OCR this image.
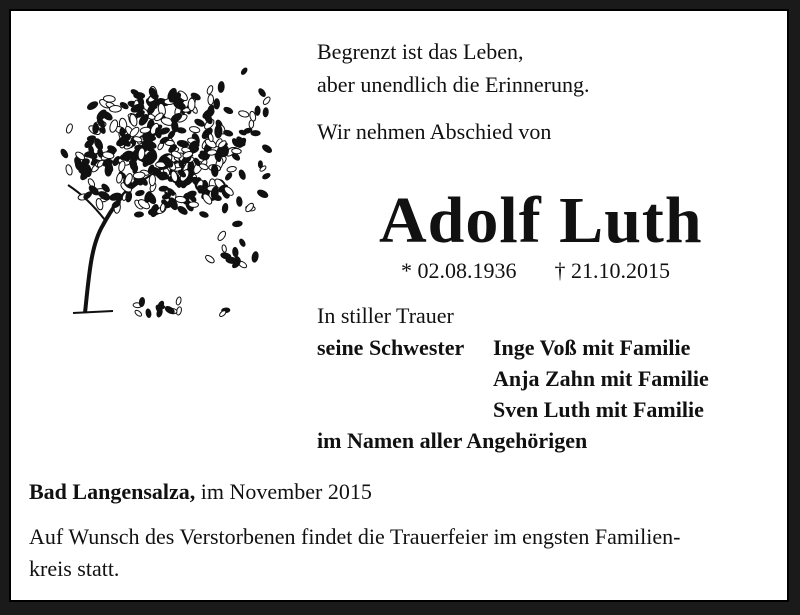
Begrenzt ist das Leben,
aber unendlich die Erinnerung.
Wir nehmen Abschied von
Adolf Luth
* 02.08.1936 † 21.10.2015
In stiller Trauer
seine Schwester Inge Voß mit Familie
Anja Zahn mit Familie
Sven Luth mit Familie
im Namen aller Angehörigen
Bad Langensalza, im November 2015
Auf Wunsch des Verstorbenen findet die Trauerfeier im engsten Familien-
kreis statt.
